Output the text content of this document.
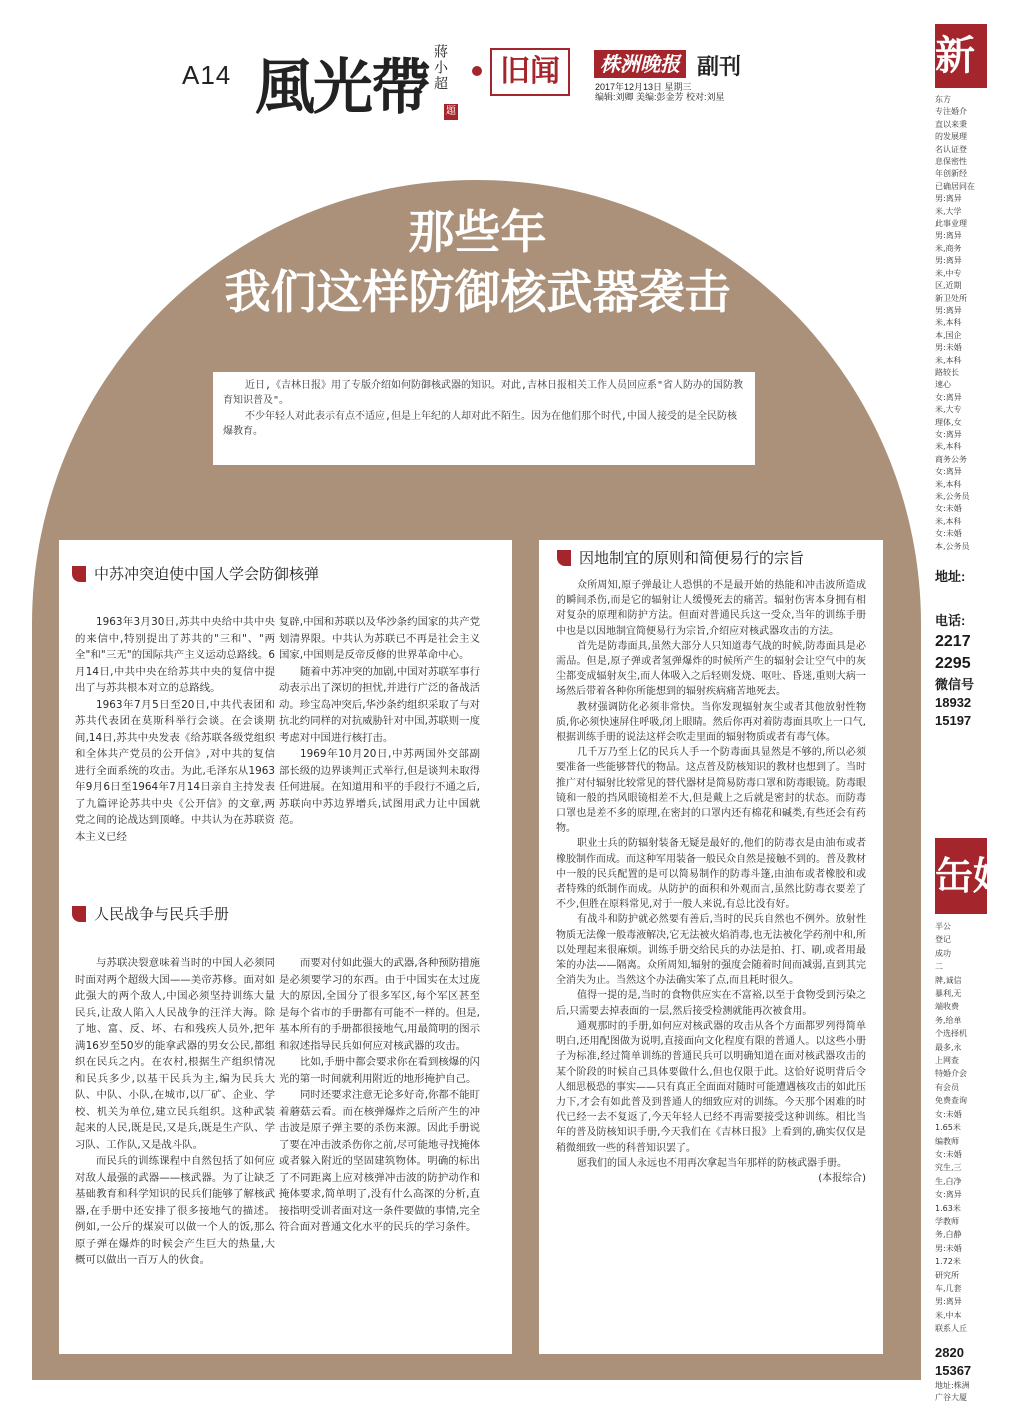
A14 風光帶 蔣小超
題
旧闻	株洲晚报 副刊
2017年12月13日 星期三
编辑:刘卿 美编:彭金芳 校对:刘星
那些年
我们这样防御核武器袭击

近日,《吉林日报》用了专版介绍如何防御核武器的知识。对此,吉林日报相关工作人员回应系"省人防办的国防教育知识普及"。

不少年轻人对此表示有点不适应,但是上年纪的人却对此不陌生。因为在他们那个时代,中国人接受的是全民防核爆教育。

中苏冲突迫使中国人学会防御核弹

1963年3月30日,苏共中央给中共中央的来信中,特别提出了苏共的"三和"、"两全"和"三无"的国际共产主义运动总路线。6月14日,中共中央在给苏共中央的复信中提出了与苏共根本对立的总路线。

1963年7月5日至20日,中共代表团和苏共代表团在莫斯科举行会谈。在会谈期间,14日,苏共中央发表《给苏联各级党组织和全体共产党员的公开信》,对中共的复信进行全面系统的攻击。为此,毛泽东从1963年9月6日至1964年7月14日亲自主持发表了九篇评论苏共中央《公开信》的文章,两党之间的论战达到顶峰。中共认为在苏联资本主义已经

复辟,中国和苏联以及华沙条约国家的共产党划清界限。中共认为苏联已不再是社会主义国家,中国则是反帝反修的世界革命中心。

随着中苏冲突的加剧,中国对苏联军事行动表示出了深切的担忧,并进行广泛的备战活动。珍宝岛冲突后,华沙条约组织采取了与对抗北约同样的对抗威胁针对中国,苏联则一度考虑对中国进行核打击。

1969年10月20日,中苏两国外交部副部长级的边界谈判正式举行,但是谈判未取得任何进展。在知道用和平的手段行不通之后,苏联向中苏边界增兵,试图用武力让中国就范。

人民战争与民兵手册

与苏联决裂意味着当时的中国人必须同时面对两个超级大国——美帝苏修。面对如此强大的两个敌人,中国必须坚持训练大量民兵,让敌人陷入人民战争的汪洋大海。除了地、富、反、坏、右和残疾人员外,把年满16岁至50岁的能拿武器的男女公民,都组织在民兵之内。在农村,根据生产组织情况和民兵多少,以基干民兵为主,编为民兵大队、中队、小队,在城市,以厂矿、企业、学校、机关为单位,建立民兵组织。这种武装起来的人民,既是民,又是兵,既是生产队、学习队、工作队,又是战斗队。

而民兵的训练课程中自然包括了如何应对敌人最强的武器——核武器。为了让缺乏基础教育和科学知识的民兵们能够了解核武器,在手册中还安排了很多接地气的描述。例如,一公斤的煤炭可以做一个人的饭,那么原子弹在爆炸的时候会产生巨大的热量,大概可以做出一百万人的伙食。

而要对付如此强大的武器,各种预防措施是必须要学习的东西。由于中国实在太过庞大的原因,全国分了很多军区,每个军区甚至是每个省市的手册都有可能不一样的。但是,基本所有的手册都很接地气,用最简明的图示和叙述指导民兵如何应对核武器的攻击。

比如,手册中都会要求你在看到核爆的闪光的第一时间就利用附近的地形掩护自己。

同时还要求注意无论多好奇,你都不能盯着蘑菇云看。而在核弹爆炸之后所产生的冲击波是原子弹主要的杀伤来源。因此手册说了要在冲击波杀伤你之前,尽可能地寻找掩体或者躲入附近的坚固建筑物体。明确的标出了不同距离上应对核弹冲击波的防护动作和掩体要求,简单明了,没有什么高深的分析,直接指明受训者面对这一条件要做的事情,完全符合面对普通文化水平的民兵的学习条件。

因地制宜的原则和简便易行的宗旨

众所周知,原子弹最让人恐惧的不是最开始的热能和冲击波所造成的瞬间杀伤,而是它的辐射让人缓慢死去的痛苦。辐射伤害本身拥有相对复杂的原理和防护方法。但面对普通民兵这一受众,当年的训练手册中也是以因地制宜简便易行为宗旨,介绍应对核武器攻击的方法。

首先是防毒面具,虽然大部分人只知道毒气战的时候,防毒面具是必需品。但是,原子弹或者氢弹爆炸的时候所产生的辐射会让空气中的灰尘都变成辐射灰尘,而人体吸入之后轻则发烧、呕吐、昏迷,重则大病一场然后带着各种你所能想到的辐射疾病痛苦地死去。

教材强调防化必须非常快。当你发现辐射灰尘或者其他放射性物质,你必须快速屏住呼吸,闭上眼睛。然后你再对着防毒面具吹上一口气,根据训练手册的说法这样会吹走里面的辐射物质或者有毒气体。

几千万乃至上亿的民兵人手一个防毒面具显然是不够的,所以必须要准备一些能够替代的物品。这点普及防核知识的教材也想到了。当时推广对付辐射比较常见的替代器材是简易防毒口罩和防毒眼镜。防毒眼镜和一般的挡风眼镜相差不大,但是戴上之后就是密封的状态。而防毒口罩也是差不多的原理,在密封的口罩内还有棉花和碱类,有些还会有药物。

职业士兵的防辐射装备无疑是最好的,他们的防毒衣是由油布或者橡胶制作而成。而这种军用装备一般民众自然是接触不到的。普及教材中一般的民兵配置的是可以简易制作的防毒斗篷,由油布或者橡胶和或者特殊的纸制作而成。从防护的面积和外观而言,虽然比防毒衣要差了不少,但胜在原料常见,对于一般人来说,有总比没有好。

有战斗和防护就必然要有善后,当时的民兵自然也不例外。放射性物质无法像一般毒液解决,它无法被火焰消毒,也无法被化学药剂中和,所以处理起来很麻烦。训练手册交给民兵的办法是拍、打、刷,或者用最笨的办法——隔离。众所周知,辐射的强度会随着时间而减弱,直到其完全消失为止。当然这个办法确实笨了点,而且耗时很久。

值得一提的是,当时的食物供应实在不富裕,以至于食物受到污染之后,只需要去掉表面的一层,然后接受检测就能再次被食用。

通观那时的手册,如何应对核武器的攻击从各个方面都罗列得简单明白,还用配图做为说明,直接面向文化程度有限的普通人。以这些小册子为标准,经过简单训练的普通民兵可以明确知道在面对核武器攻击的某个阶段的时候自己具体要做什么,但也仅限于此。这恰好说明背后令人细思极恐的事实——只有真正全面面对随时可能遭遇核攻击的如此压力下,才会有如此普及到普通人的细致应对的训练。今天那个困难的时代已经一去不复返了,今天年轻人已经不再需要接受这种训练。相比当年的普及防核知识手册,今天我们在《吉林日报》上看到的,确实仅仅是稍微细致一些的科普知识罢了。

愿我们的国人永远也不用再次拿起当年那样的防核武器手册。

(本报综合)
新
东方
专注婚介
直以来秉
的发展理
名认证登
息保密性
年创新经
已确居同在
男:离异
米,大学
此事业理
男:离异
米,商务
男:离异
米,中专
区,近期
新卫处所
男:离异
米,本科
本,国企
男:未婚
米,本科
路较长
速心
女:离异
米,大专
理体,女
女:离异
米,本科
商务公务
女:离异
米,本科
米,公务员
女:未婚
米,本科
女:未婚
本,公务员
地址:
电话:
2217
2295
微信号
18932
15197
缶婚
半公
登记
成功
二
牌,诚信
暴利,无
端收费
务,给单
个选择机
最多,永
上网查
特婚介会
有会员
免费查询
女:未婚
1.65米
编教师
女:未婚
究生,三
生,白净
女:离异
1.63米
学教师
务,白静
男:未婚
1.72米
研究所
车,几套
男:离异
米,中本
联系人丘
2820
15367
地址:株洲
广谷大厦
